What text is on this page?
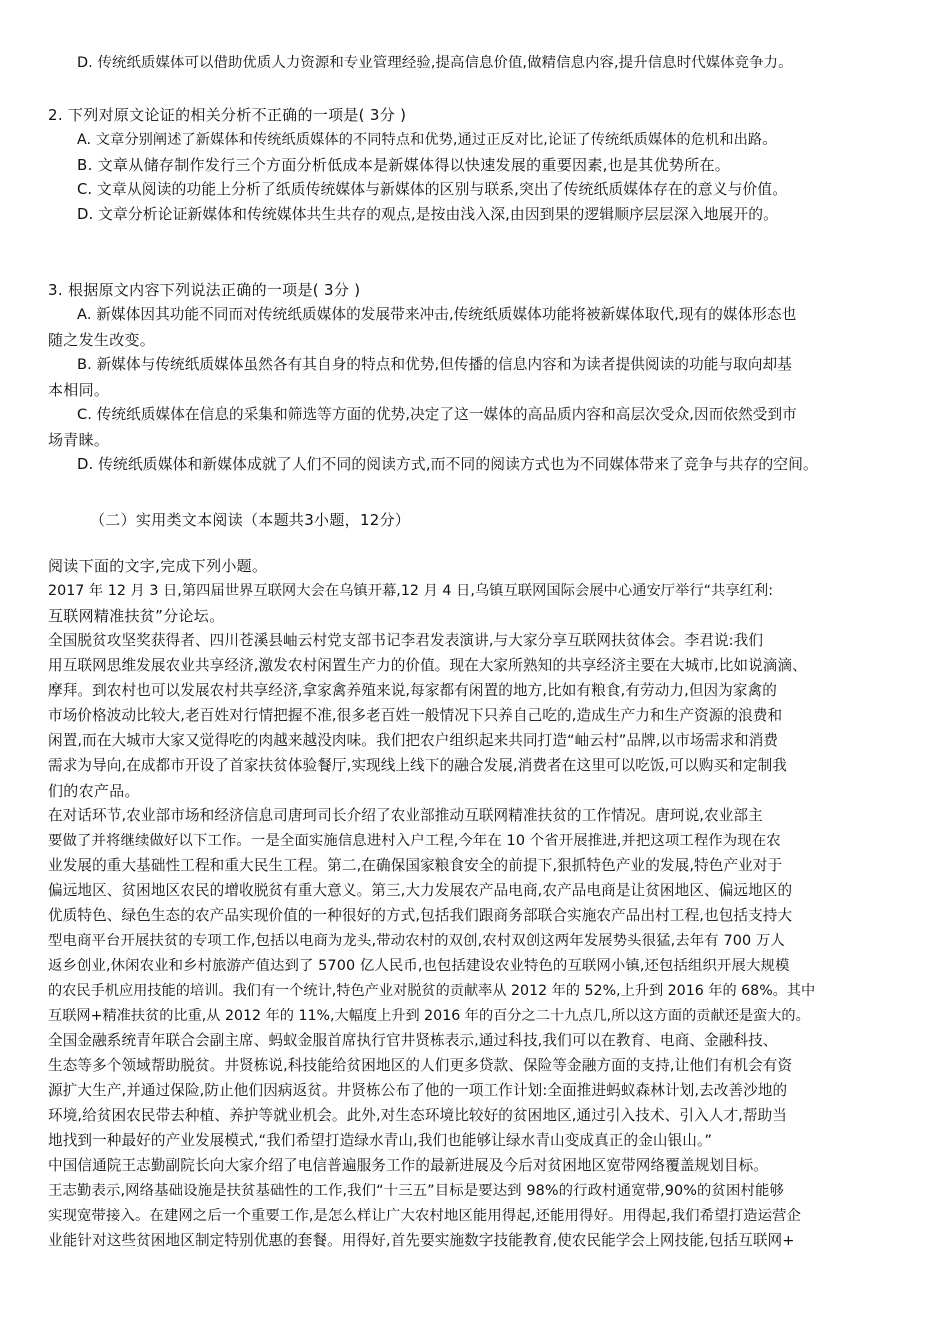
D. 传统纸质媒体可以借助优质人力资源和专业管理经验,提高信息价值,做精信息内容,提升信息时代媒体竞争力。
2. 下列对原文论证的相关分析不正确的一项是( 3分 )
A. 文章分别阐述了新媒体和传统纸质媒体的不同特点和优势,通过正反对比,论证了传统纸质媒体的危机和出路。
B. 文章从储存制作发行三个方面分析低成本是新媒体得以快速发展的重要因素,也是其优势所在。
C. 文章从阅读的功能上分析了纸质传统媒体与新媒体的区别与联系,突出了传统纸质媒体存在的意义与价值。
D. 文章分析论证新媒体和传统媒体共生共存的观点,是按由浅入深,由因到果的逻辑顺序层层深入地展开的。
3. 根据原文内容下列说法正确的一项是( 3分 )
A. 新媒体因其功能不同而对传统纸质媒体的发展带来冲击,传统纸质媒体功能将被新媒体取代,现有的媒体形态也
随之发生改变。
B. 新媒体与传统纸质媒体虽然各有其自身的特点和优势,但传播的信息内容和为读者提供阅读的功能与取向却基
本相同。
C. 传统纸质媒体在信息的采集和筛选等方面的优势,决定了这一媒体的高品质内容和高层次受众,因而依然受到市
场青睐。
D. 传统纸质媒体和新媒体成就了人们不同的阅读方式,而不同的阅读方式也为不同媒体带来了竞争与共存的空间。
（二）实用类文本阅读（本题共3小题，12分）
阅读下面的文字,完成下列小题。
2017 年 12 月 3 日,第四届世界互联网大会在乌镇开幕,12 月 4 日,乌镇互联网国际会展中心通安厅举行“共享红利:
互联网精准扶贫”分论坛。
全国脱贫攻坚奖获得者、四川苍溪县岫云村党支部书记李君发表演讲,与大家分享互联网扶贫体会。李君说:我们
用互联网思维发展农业共享经济,激发农村闲置生产力的价值。现在大家所熟知的共享经济主要在大城市,比如说滴滴、
摩拜。到农村也可以发展农村共享经济,拿家禽养殖来说,每家都有闲置的地方,比如有粮食,有劳动力,但因为家禽的
市场价格波动比较大,老百姓对行情把握不准,很多老百姓一般情况下只养自己吃的,造成生产力和生产资源的浪费和
闲置,而在大城市大家又觉得吃的肉越来越没肉味。我们把农户组织起来共同打造“岫云村”品牌,以市场需求和消费
需求为导向,在成都市开设了首家扶贫体验餐厅,实现线上线下的融合发展,消费者在这里可以吃饭,可以购买和定制我
们的农产品。
在对话环节,农业部市场和经济信息司唐珂司长介绍了农业部推动互联网精准扶贫的工作情况。唐珂说,农业部主
要做了并将继续做好以下工作。一是全面实施信息进村入户工程,今年在 10 个省开展推进,并把这项工程作为现在农
业发展的重大基础性工程和重大民生工程。第二,在确保国家粮食安全的前提下,狠抓特色产业的发展,特色产业对于
偏远地区、贫困地区农民的增收脱贫有重大意义。第三,大力发展农产品电商,农产品电商是让贫困地区、偏远地区的
优质特色、绿色生态的农产品实现价值的一种很好的方式,包括我们跟商务部联合实施农产品出村工程,也包括支持大
型电商平台开展扶贫的专项工作,包括以电商为龙头,带动农村的双创,农村双创这两年发展势头很猛,去年有 700 万人
返乡创业,休闲农业和乡村旅游产值达到了 5700 亿人民币,也包括建设农业特色的互联网小镇,还包括组织开展大规模
的农民手机应用技能的培训。我们有一个统计,特色产业对脱贫的贡献率从 2012 年的 52%,上升到 2016 年的 68%。其中
互联网+精准扶贫的比重,从 2012 年的 11%,大幅度上升到 2016 年的百分之二十九点几,所以这方面的贡献还是蛮大的。
全国金融系统青年联合会副主席、蚂蚁金服首席执行官井贤栋表示,通过科技,我们可以在教育、电商、金融科技、
生态等多个领域帮助脱贫。井贤栋说,科技能给贫困地区的人们更多贷款、保险等金融方面的支持,让他们有机会有资
源扩大生产,并通过保险,防止他们因病返贫。井贤栋公布了他的一项工作计划:全面推进蚂蚁森林计划,去改善沙地的
环境,给贫困农民带去种植、养护等就业机会。此外,对生态环境比较好的贫困地区,通过引入技术、引入人才,帮助当
地找到一种最好的产业发展模式,“我们希望打造绿水青山,我们也能够让绿水青山变成真正的金山银山。”
中国信通院王志勤副院长向大家介绍了电信普遍服务工作的最新进展及今后对贫困地区宽带网络覆盖规划目标。
王志勤表示,网络基础设施是扶贫基础性的工作,我们“十三五”目标是要达到 98%的行政村通宽带,90%的贫困村能够
实现宽带接入。在建网之后一个重要工作,是怎么样让广大农村地区能用得起,还能用得好。用得起,我们希望打造运营企
业能针对这些贫困地区制定特别优惠的套餐。用得好,首先要实施数字技能教育,使农民能学会上网技能,包括互联网+
